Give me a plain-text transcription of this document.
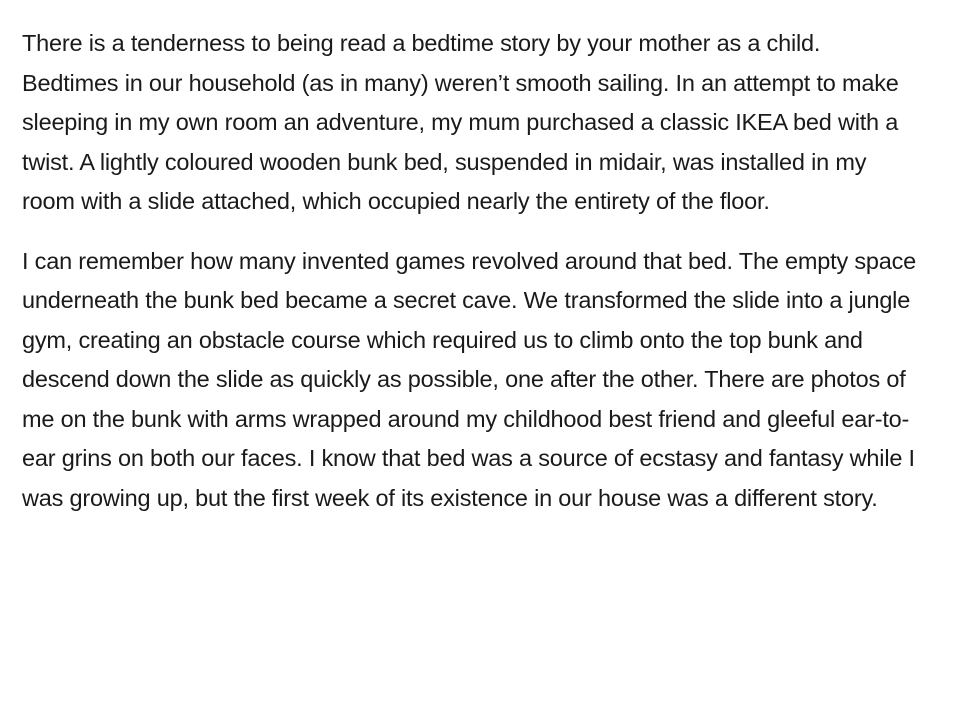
There is a tenderness to being read a bedtime story by your mother as a child. Bedtimes in our household (as in many) weren’t smooth sailing. In an attempt to make sleeping in my own room an adventure, my mum purchased a classic IKEA bed with a twist. A lightly coloured wooden bunk bed, suspended in midair, was installed in my room with a slide attached, which occupied nearly the entirety of the floor.

I can remember how many invented games revolved around that bed. The empty space underneath the bunk bed became a secret cave. We transformed the slide into a jungle gym, creating an obstacle course which required us to climb onto the top bunk and descend down the slide as quickly as possible, one after the other. There are photos of me on the bunk with arms wrapped around my childhood best friend and gleeful ear-to-ear grins on both our faces. I know that bed was a source of ecstasy and fantasy while I was growing up, but the first week of its existence in our house was a different story.
